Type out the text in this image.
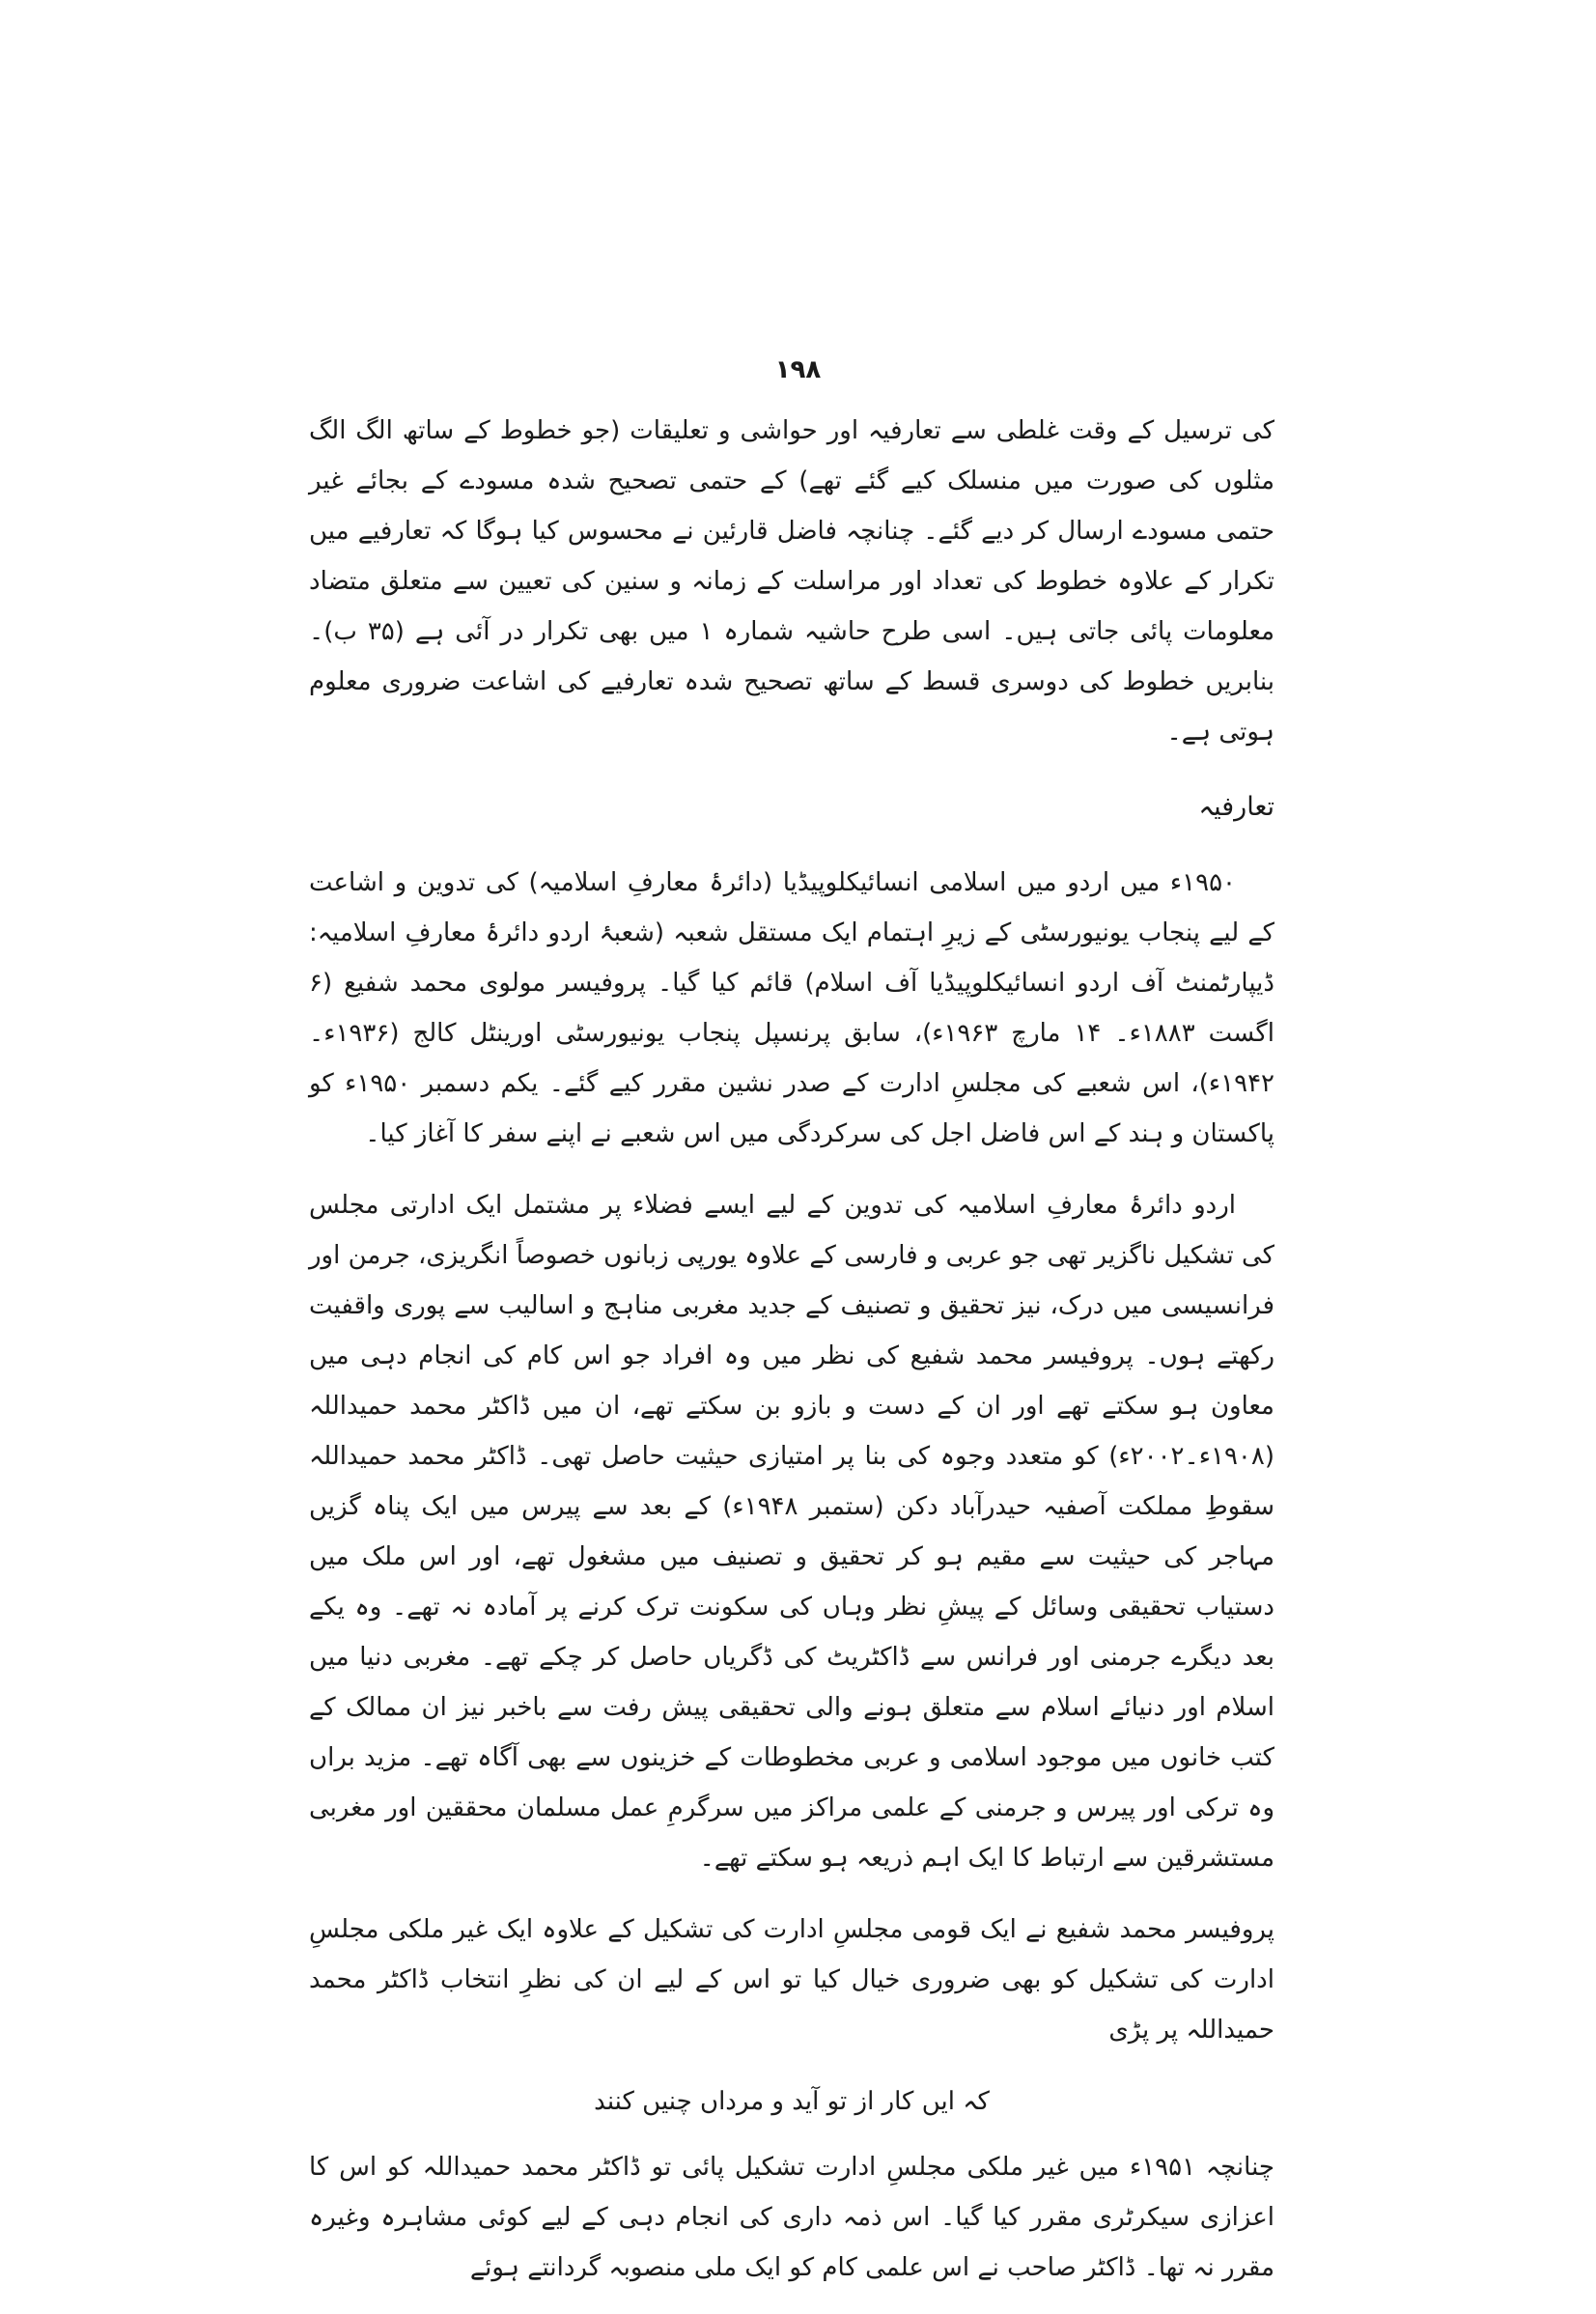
۱۹۸

کی ترسیل کے وقت غلطی سے تعارفیہ اور حواشی و تعلیقات (جو خطوط کے ساتھ الگ الگ مثلوں کی صورت میں منسلک کیے گئے تھے) کے حتمی تصحیح شدہ مسودے کے بجائے غیر حتمی مسودے ارسال کر دیے گئے۔ چنانچہ فاضل قارئین نے محسوس کیا ہوگا کہ تعارفیے میں تکرار کے علاوہ خطوط کی تعداد اور مراسلت کے زمانہ و سنین کی تعیین سے متعلق متضاد معلومات پائی جاتی ہیں۔ اسی طرح حاشیہ شمارہ ۱ میں بھی تکرار در آئی ہے (۳۵ ب)۔ بنابریں خطوط کی دوسری قسط کے ساتھ تصحیح شدہ تعارفیے کی اشاعت ضروری معلوم ہوتی ہے۔

تعارفیہ

۱۹۵۰ء میں اردو میں اسلامی انسائیکلوپیڈیا (دائرۂ معارفِ اسلامیہ) کی تدوین و اشاعت کے لیے پنجاب یونیورسٹی کے زیرِ اہتمام ایک مستقل شعبہ (شعبۂ اردو دائرۂ معارفِ اسلامیہ: ڈیپارٹمنٹ آف اردو انسائیکلوپیڈیا آف اسلام) قائم کیا گیا۔ پروفیسر مولوی محمد شفیع (۶ اگست ۱۸۸۳ء۔ ۱۴ مارچ ۱۹۶۳ء)، سابق پرنسپل پنجاب یونیورسٹی اورینٹل کالج (۱۹۳۶ء۔۱۹۴۲ء)، اس شعبے کی مجلسِ ادارت کے صدر نشین مقرر کیے گئے۔ یکم دسمبر ۱۹۵۰ء کو پاکستان و ہند کے اس فاضل اجل کی سرکردگی میں اس شعبے نے اپنے سفر کا آغاز کیا۔

اردو دائرۂ معارفِ اسلامیہ کی تدوین کے لیے ایسے فضلاء پر مشتمل ایک ادارتی مجلس کی تشکیل ناگزیر تھی جو عربی و فارسی کے علاوہ یورپی زبانوں خصوصاً انگریزی، جرمن اور فرانسیسی میں درک، نیز تحقیق و تصنیف کے جدید مغربی مناہج و اسالیب سے پوری واقفیت رکھتے ہوں۔ پروفیسر محمد شفیع کی نظر میں وہ افراد جو اس کام کی انجام دہی میں معاون ہو سکتے تھے اور ان کے دست و بازو بن سکتے تھے، ان میں ڈاکٹر محمد حمیداللہ (۱۹۰۸ء۔۲۰۰۲ء) کو متعدد وجوہ کی بنا پر امتیازی حیثیت حاصل تھی۔ ڈاکٹر محمد حمیداللہ سقوطِ مملکت آصفیہ حیدرآباد دکن (ستمبر ۱۹۴۸ء) کے بعد سے پیرس میں ایک پناہ گزیں مہاجر کی حیثیت سے مقیم ہو کر تحقیق و تصنیف میں مشغول تھے، اور اس ملک میں دستیاب تحقیقی وسائل کے پیشِ نظر وہاں کی سکونت ترک کرنے پر آمادہ نہ تھے۔ وہ یکے بعد دیگرے جرمنی اور فرانس سے ڈاکٹریٹ کی ڈگریاں حاصل کر چکے تھے۔ مغربی دنیا میں اسلام اور دنیائے اسلام سے متعلق ہونے والی تحقیقی پیش رفت سے باخبر نیز ان ممالک کے کتب خانوں میں موجود اسلامی و عربی مخطوطات کے خزینوں سے بھی آگاہ تھے۔ مزید براں وہ ترکی اور پیرس و جرمنی کے علمی مراکز میں سرگرمِ عمل مسلمان محققین اور مغربی مستشرقین سے ارتباط کا ایک اہم ذریعہ ہو سکتے تھے۔

پروفیسر محمد شفیع نے ایک قومی مجلسِ ادارت کی تشکیل کے علاوہ ایک غیر ملکی مجلسِ ادارت کی تشکیل کو بھی ضروری خیال کیا تو اس کے لیے ان کی نظرِ انتخاب ڈاکٹر محمد حمیداللہ پر پڑی

کہ ایں کار از تو آید و مرداں چنیں کنند

چنانچہ ۱۹۵۱ء میں غیر ملکی مجلسِ ادارت تشکیل پائی تو ڈاکٹر محمد حمیداللہ کو اس کا اعزازی سیکرٹری مقرر کیا گیا۔ اس ذمہ داری کی انجام دہی کے لیے کوئی مشاہرہ وغیرہ مقرر نہ تھا۔ ڈاکٹر صاحب نے اس علمی کام کو ایک ملی منصوبہ گردانتے ہوئے
